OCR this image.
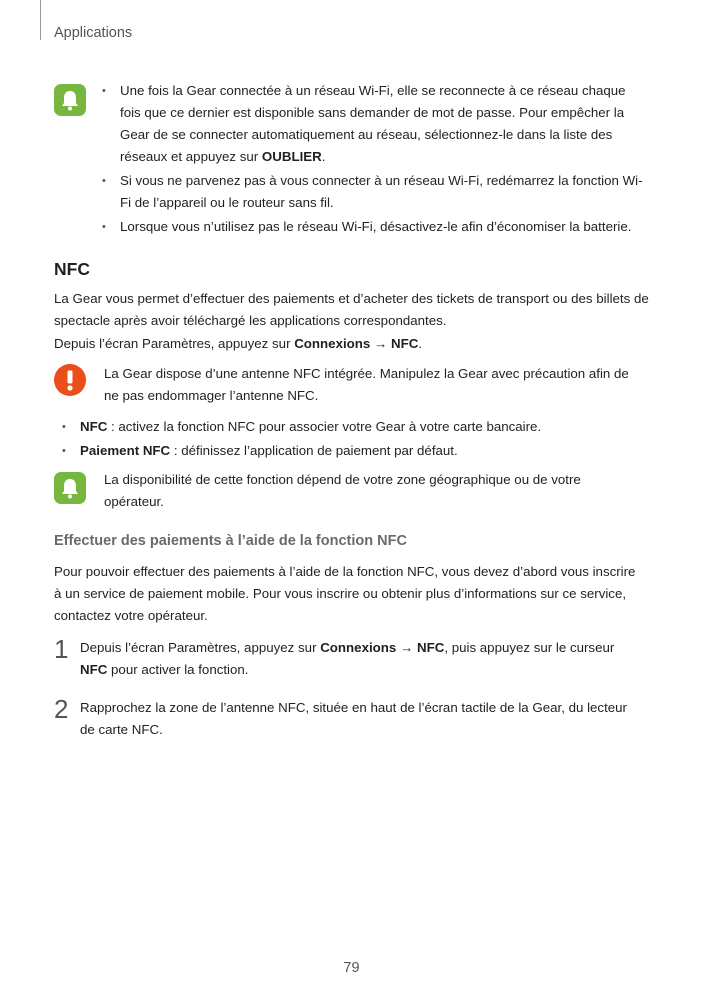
Applications
• Une fois la Gear connectée à un réseau Wi-Fi, elle se reconnecte à ce réseau chaque fois que ce dernier est disponible sans demander de mot de passe. Pour empêcher la Gear de se connecter automatiquement au réseau, sélectionnez-le dans la liste des réseaux et appuyez sur OUBLIER.
• Si vous ne parvenez pas à vous connecter à un réseau Wi-Fi, redémarrez la fonction Wi-Fi de l’appareil ou le routeur sans fil.
• Lorsque vous n’utilisez pas le réseau Wi-Fi, désactivez-le afin d’économiser la batterie.
NFC
La Gear vous permet d’effectuer des paiements et d’acheter des tickets de transport ou des billets de spectacle après avoir téléchargé les applications correspondantes.
Depuis l’écran Paramètres, appuyez sur Connexions → NFC.
La Gear dispose d’une antenne NFC intégrée. Manipulez la Gear avec précaution afin de ne pas endommager l’antenne NFC.
• NFC : activez la fonction NFC pour associer votre Gear à votre carte bancaire.
• Paiement NFC : définissez l’application de paiement par défaut.
La disponibilité de cette fonction dépend de votre zone géographique ou de votre opérateur.
Effectuer des paiements à l’aide de la fonction NFC
Pour pouvoir effectuer des paiements à l’aide de la fonction NFC, vous devez d’abord vous inscrire à un service de paiement mobile. Pour vous inscrire ou obtenir plus d’informations sur ce service, contactez votre opérateur.
1 Depuis l’écran Paramètres, appuyez sur Connexions → NFC, puis appuyez sur le curseur NFC pour activer la fonction.
2 Rapprochez la zone de l’antenne NFC, située en haut de l’écran tactile de la Gear, du lecteur de carte NFC.
79
